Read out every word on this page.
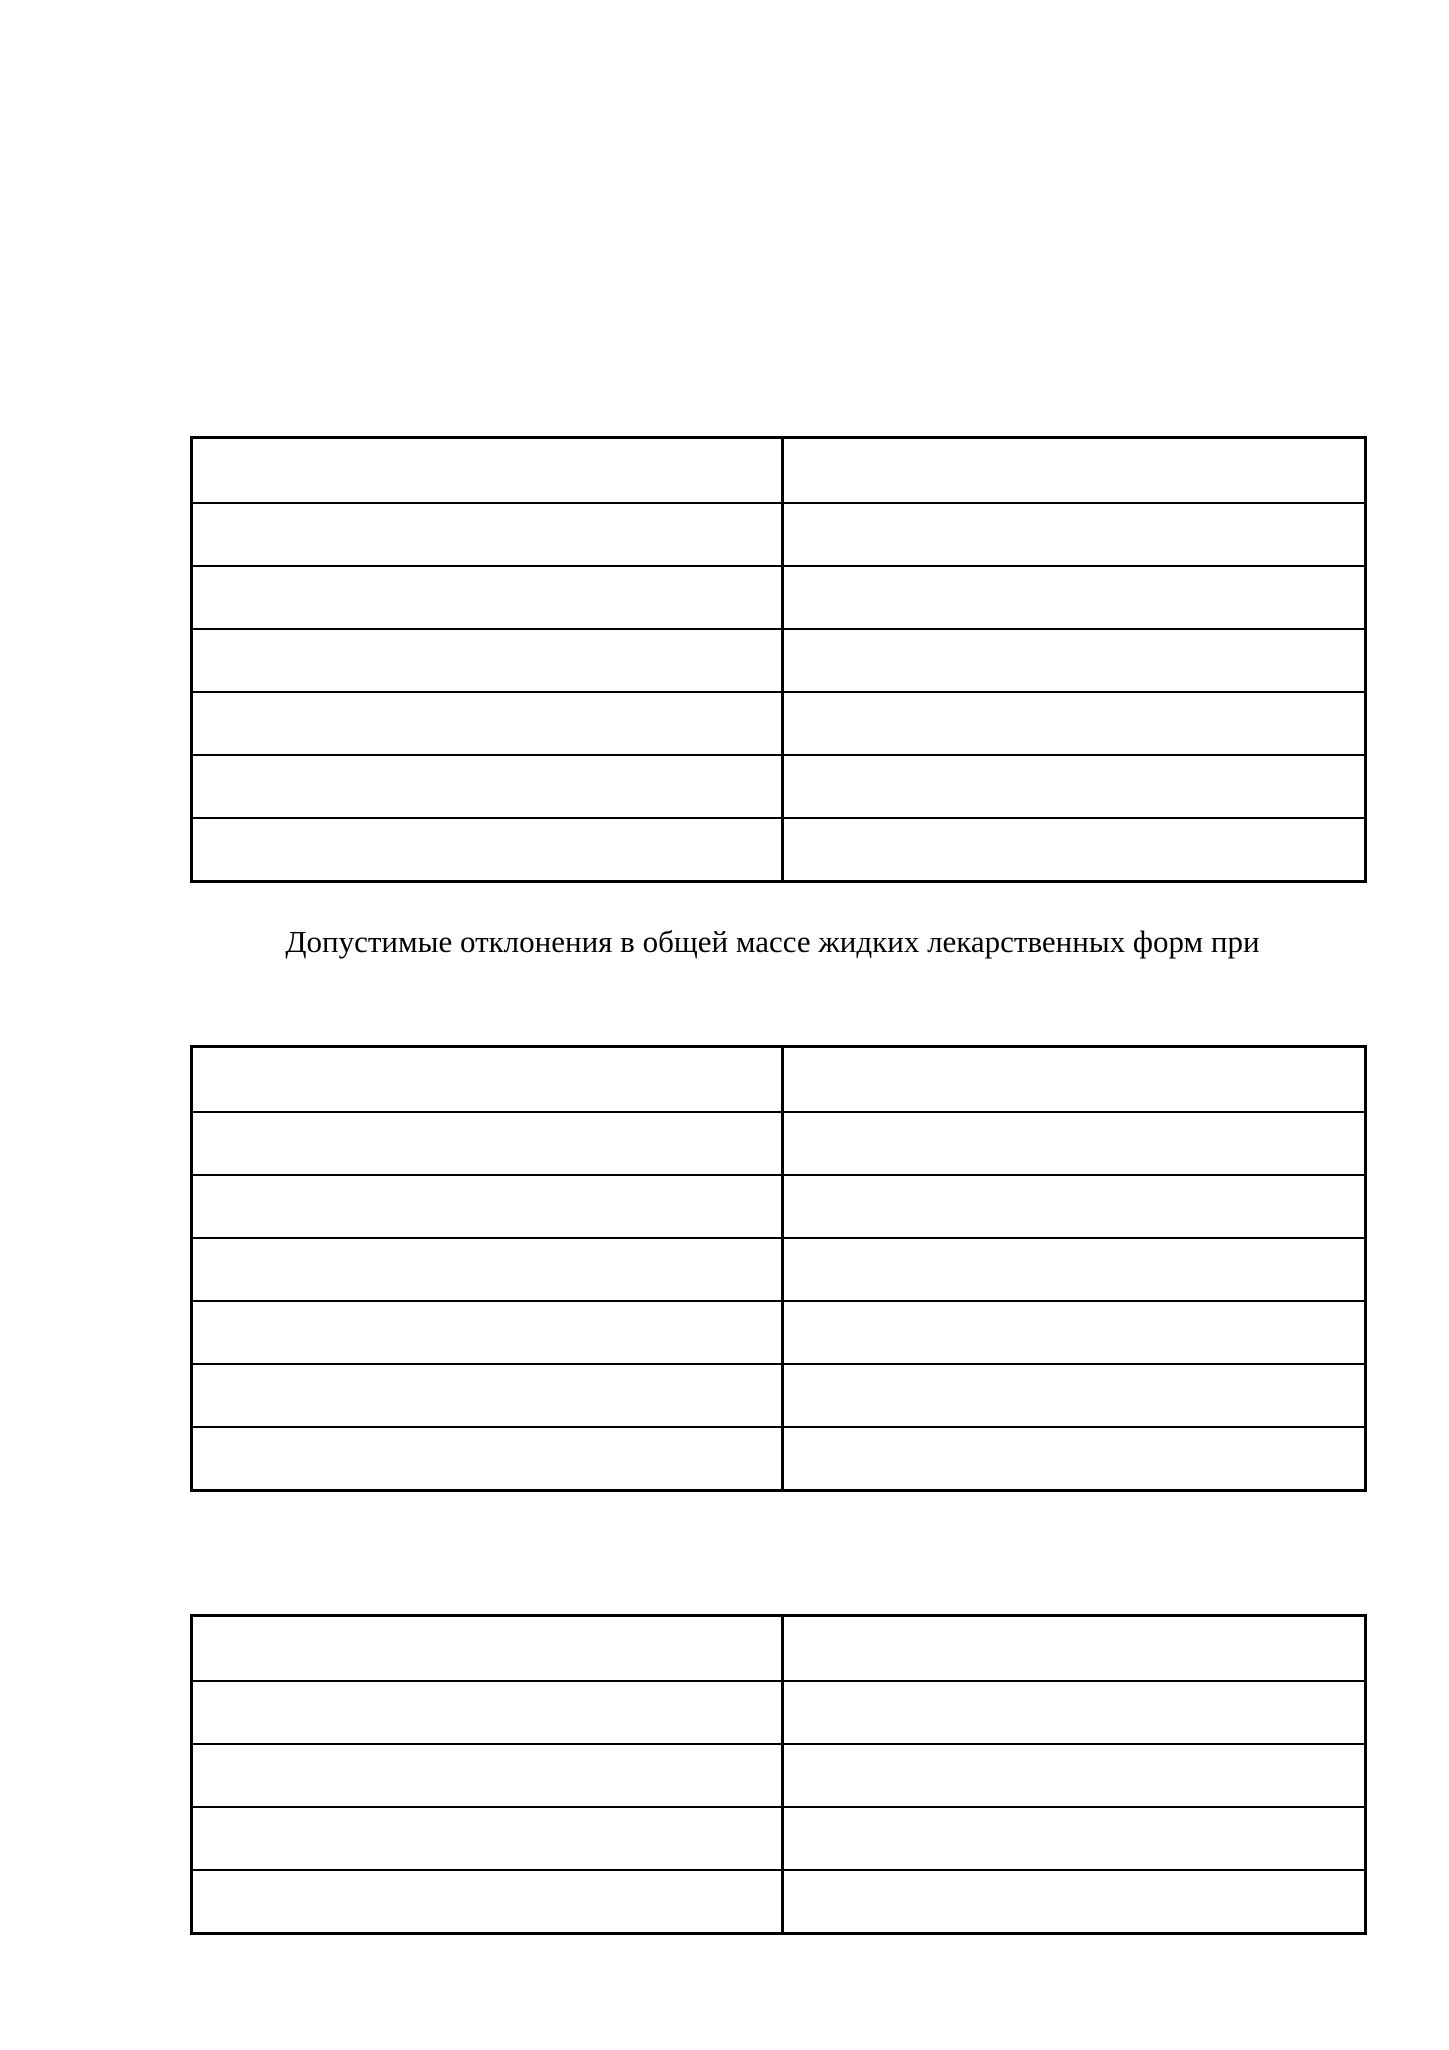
Допустимые отклонения в общей массе жидких лекарственных форм при
